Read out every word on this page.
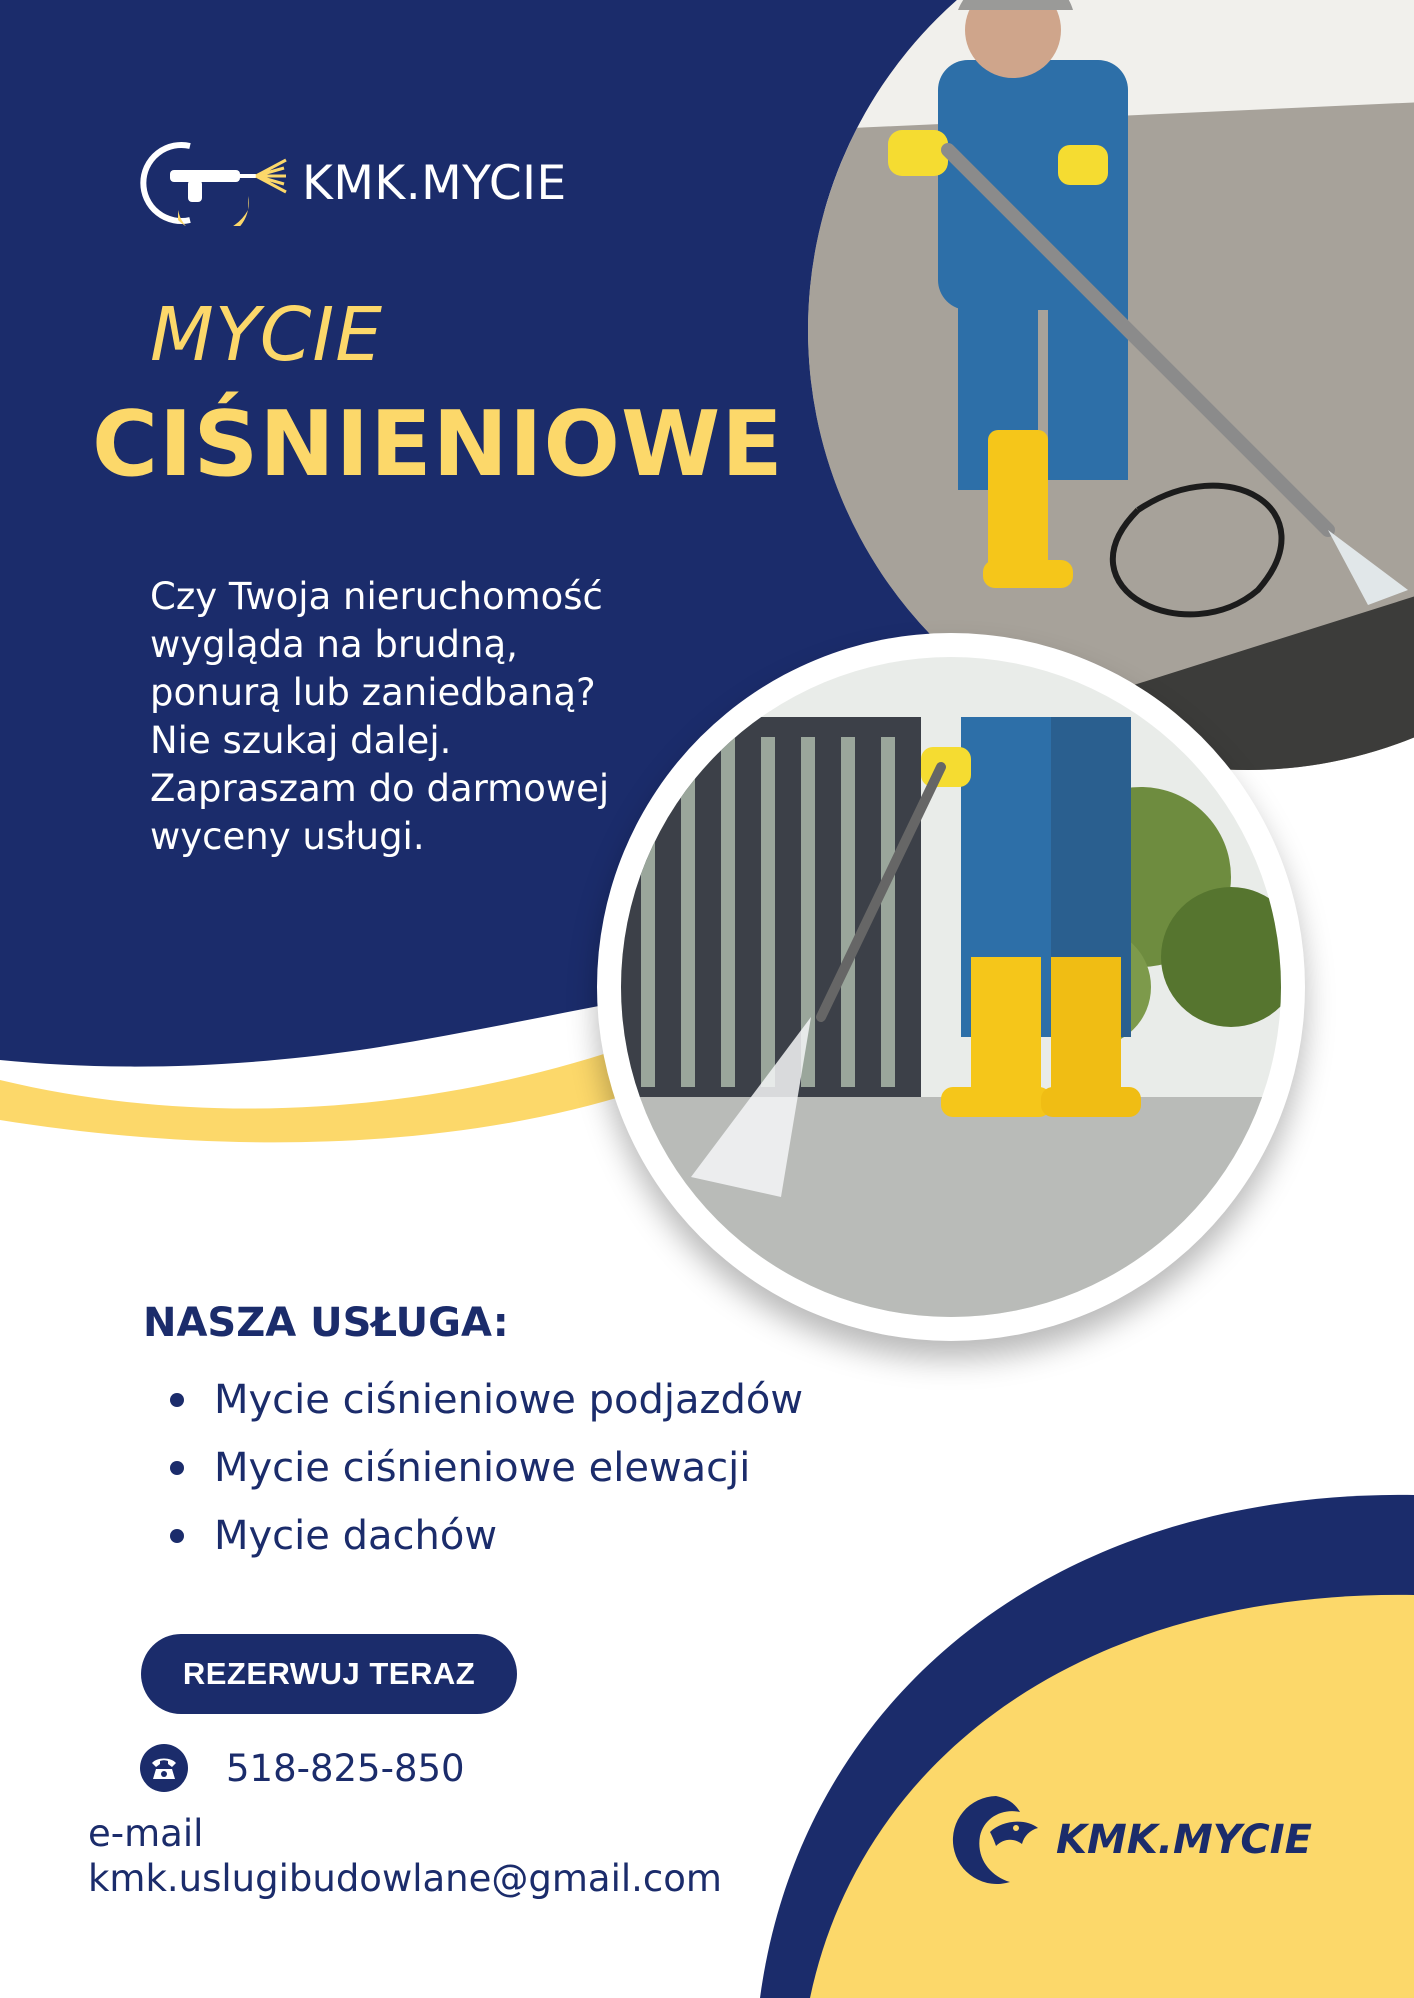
KMK.MYCIE
MYCIE
CIŚNIENIOWE

Czy Twoja nieruchomość wygląda na brudną, ponurą lub zaniedbaną? Nie szukaj dalej. Zapraszam do darmowej wyceny usługi.

NASZA USŁUGA:
Mycie ciśnieniowe podjazdów
Mycie ciśnieniowe elewacji
Mycie dachów
REZERWUJ TERAZ
518-825-850
e-mail
kmk.uslugibudowlane@gmail.com
KMK.MYCIE
